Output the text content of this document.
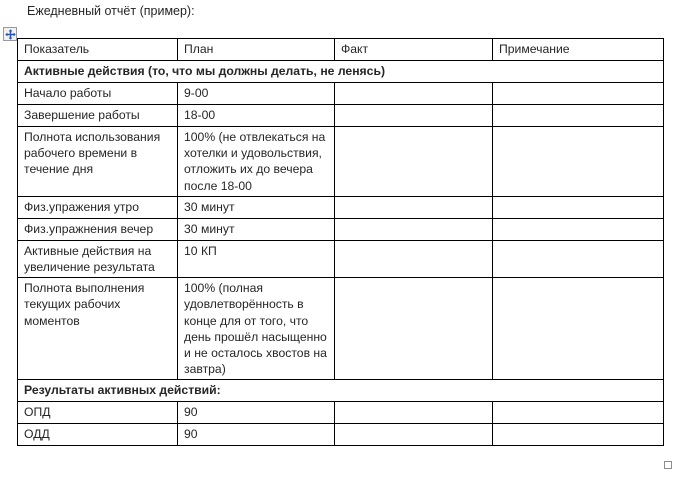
Ежедневный отчёт (пример):
Показатель	План	Факт	Примечание

Активные действия (то, что мы должны делать, не ленясь)			

Начало работы	9-00		

Завершение работы	18-00		

Полнота использования рабочего времени в течение дня	100% (не отвлекаться на хотелки и удовольствия, отложить их до вечера после 18-00		

Физ.упражения утро	30 минут		

Физ.упражнения вечер	30 минут		

Активные действия на увеличение результата	10 КП		

Полнота выполнения текущих рабочих моментов	100% (полная удовлетворённость в конце для от того, что день прошёл насыщенно и не осталось хвостов на завтра)		

Результаты активных действий:			

ОПД	90		

ОДД	90		
